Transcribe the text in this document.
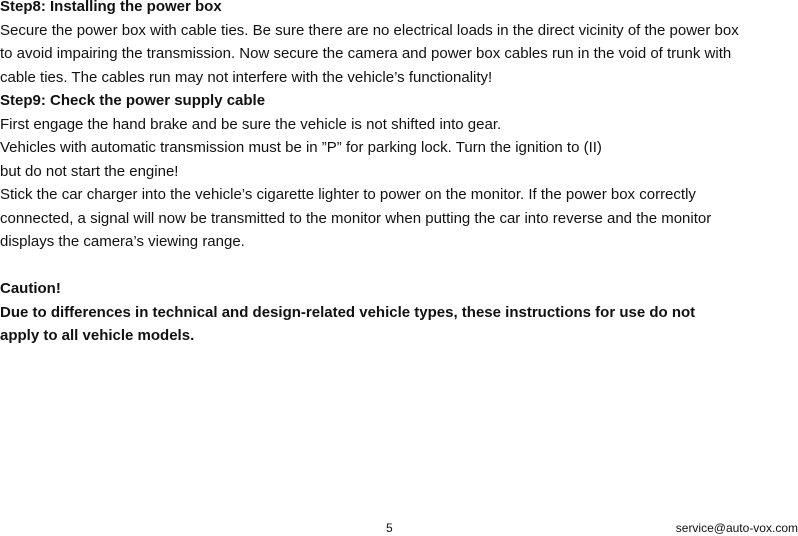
Step8: Installing the power box
Secure the power box with cable ties. Be sure there are no electrical loads in the direct vicinity of the power box
to avoid impairing the transmission. Now secure the camera and power box cables run in the void of trunk with
cable ties. The cables run may not interfere with the vehicle’s functionality!
Step9: Check the power supply cable
First engage the hand brake and be sure the vehicle is not shifted into gear.
Vehicles with automatic transmission must be in ”P” for parking lock. Turn the ignition to (II)
but do not start the engine!
Stick the car charger into the vehicle’s cigarette lighter to power on the monitor. If the power box correctly
connected, a signal will now be transmitted to the monitor when putting the car into reverse and the monitor
displays the camera’s viewing range.
Caution!
Due to differences in technical and design-related vehicle types, these instructions for use do not
apply to all vehicle models.
5	service@auto-vox.com
